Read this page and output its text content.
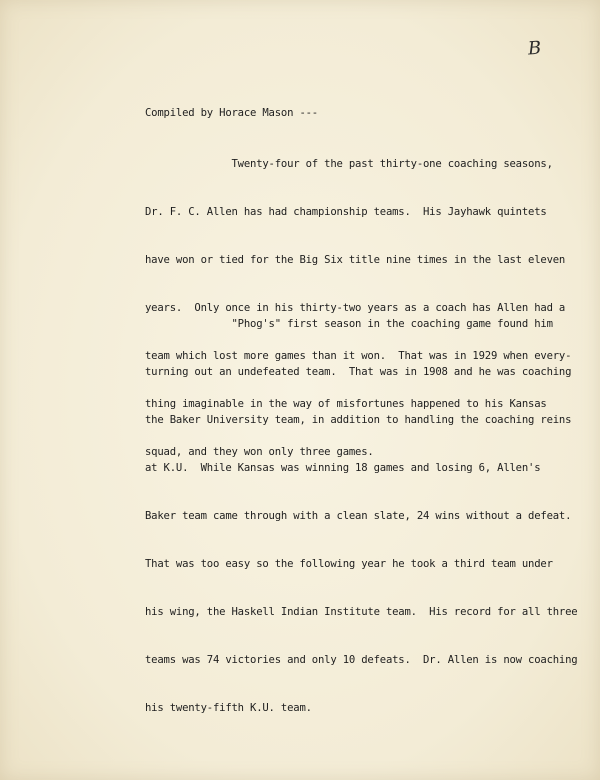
B
Compiled by Horace Mason ---

Twenty-four of the past thirty-one coaching seasons,

Dr. F. C. Allen has had championship teams.  His Jayhawk quintets

have won or tied for the Big Six title nine times in the last eleven

years.  Only once in his thirty-two years as a coach has Allen had a

team which lost more games than it won.  That was in 1929 when every-

thing imaginable in the way of misfortunes happened to his Kansas

squad, and they won only three games.

"Phog's" first season in the coaching game found him

turning out an undefeated team.  That was in 1908 and he was coaching

the Baker University team, in addition to handling the coaching reins

at K.U.  While Kansas was winning 18 games and losing 6, Allen's

Baker team came through with a clean slate, 24 wins without a defeat.

That was too easy so the following year he took a third team under

his wing, the Haskell Indian Institute team.  His record for all three

teams was 74 victories and only 10 defeats.  Dr. Allen is now coaching

his twenty-fifth K.U. team.
